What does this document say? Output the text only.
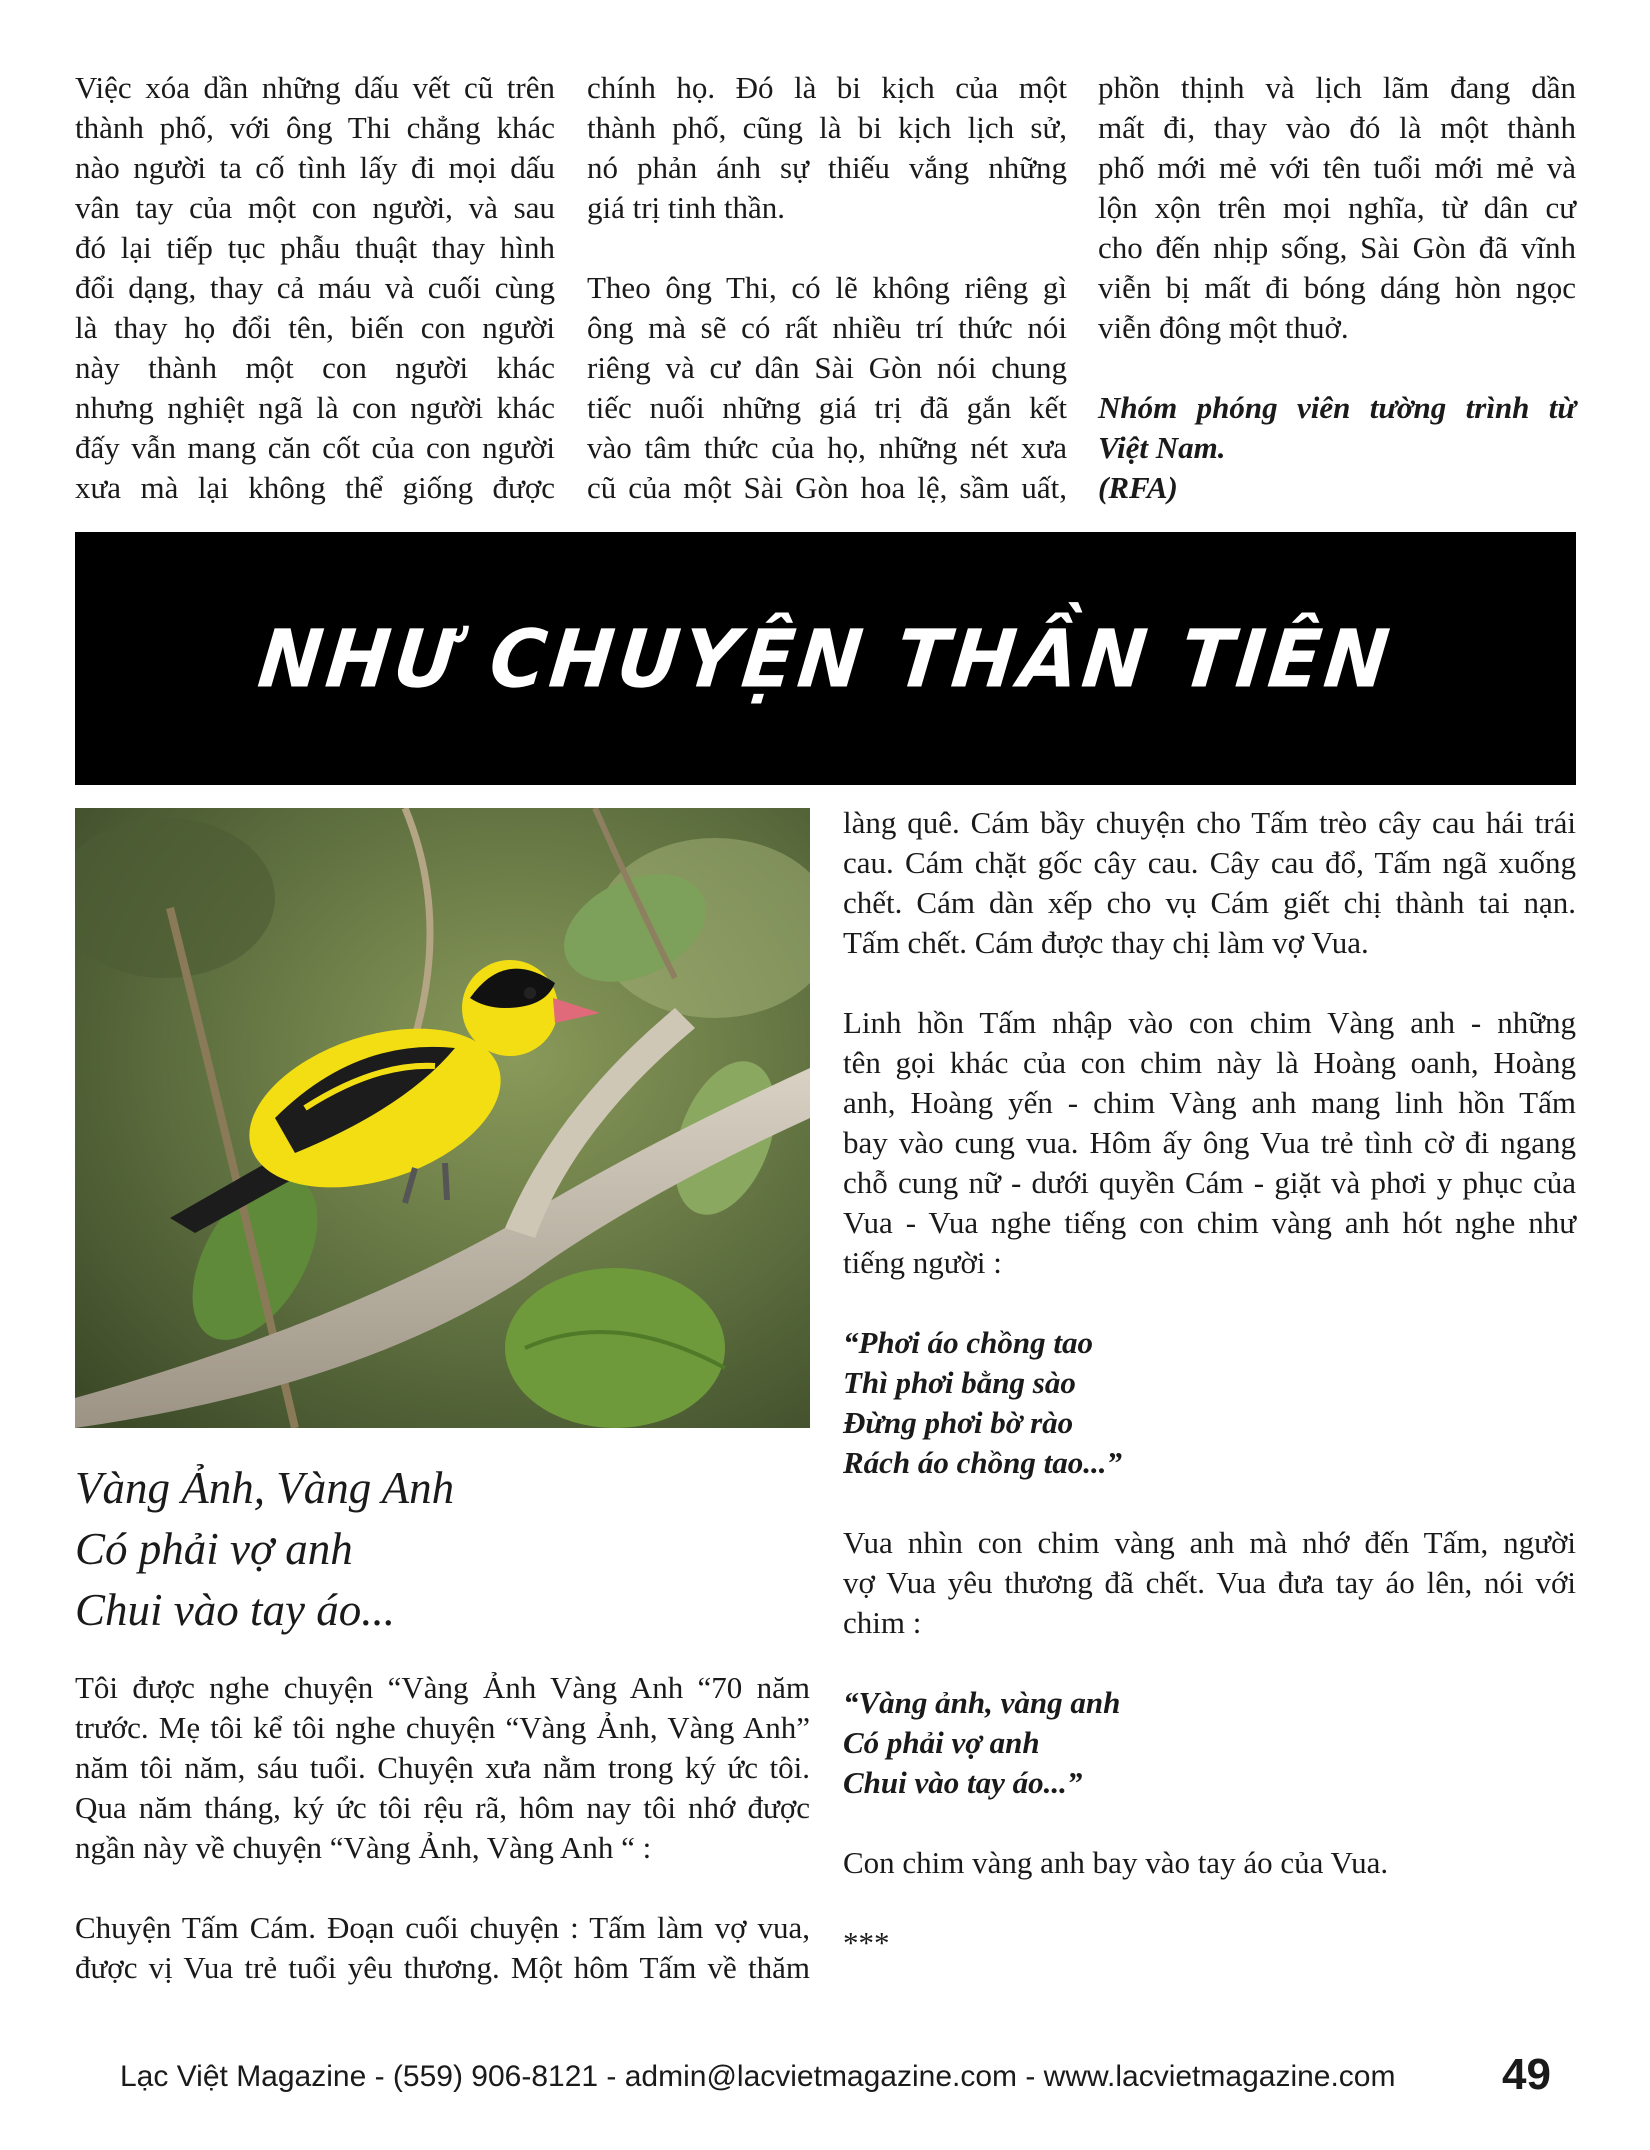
Việc xóa dần những dấu vết cũ trên
thành phố, với ông Thi chẳng khác
nào người ta cố tình lấy đi mọi dấu
vân tay của một con người, và sau
đó lại tiếp tục phẫu thuật thay hình
đổi dạng, thay cả máu và cuối cùng
là thay họ đổi tên, biến con người
này thành một con người khác
nhưng nghiệt ngã là con người khác
đấy vẫn mang căn cốt của con người
xưa mà lại không thể giống được

chính họ. Đó là bi kịch của một
thành phố, cũng là bi kịch lịch sử,
nó phản ánh sự thiếu vắng những
giá trị tinh thần.

Theo ông Thi, có lẽ không riêng gì
ông mà sẽ có rất nhiều trí thức nói
riêng và cư dân Sài Gòn nói chung
tiếc nuối những giá trị đã gắn kết
vào tâm thức của họ, những nét xưa
cũ của một Sài Gòn hoa lệ, sầm uất,

phồn thịnh và lịch lãm đang dần
mất đi, thay vào đó là một thành
phố mới mẻ với tên tuổi mới mẻ và
lộn xộn trên mọi nghĩa, từ dân cư
cho đến nhịp sống, Sài Gòn đã vĩnh
viễn bị mất đi bóng dáng hòn ngọc
viễn đông một thuở.

Nhóm phóng viên tường trình từ
Việt Nam.
(RFA)

NHƯ CHUYỆN THẦN TIÊN
Vàng Ảnh, Vàng Anh
Có phải vợ anh
Chui vào tay áo...

Tôi được nghe chuyện “Vàng Ảnh Vàng Anh “70 năm
trước. Mẹ tôi kể tôi nghe chuyện “Vàng Ảnh, Vàng Anh”
năm tôi năm, sáu tuổi. Chuyện xưa nằm trong ký ức tôi.
Qua năm tháng, ký ức tôi rệu rã, hôm nay tôi nhớ được
ngần này về chuyện “Vàng Ảnh, Vàng Anh “ :

Chuyện Tấm Cám. Đoạn cuối chuyện : Tấm làm vợ vua,
được vị Vua trẻ tuổi yêu thương. Một hôm Tấm về thăm

làng quê. Cám bầy chuyện cho Tấm trèo cây cau hái trái
cau. Cám chặt gốc cây cau. Cây cau đổ, Tấm ngã xuống
chết. Cám dàn xếp cho vụ Cám giết chị thành tai nạn.
Tấm chết. Cám được thay chị làm vợ Vua.

Linh hồn Tấm nhập vào con chim Vàng anh - những
tên gọi khác của con chim này là Hoàng oanh, Hoàng
anh, Hoàng yến - chim Vàng anh mang linh hồn Tấm
bay vào cung vua. Hôm ấy ông Vua trẻ tình cờ đi ngang
chỗ cung nữ - dưới quyền Cám - giặt và phơi y phục của
Vua - Vua nghe tiếng con chim vàng anh hót nghe như
tiếng người :

“Phơi áo chồng tao
Thì phơi bằng sào
Đừng phơi bờ rào
Rách áo chồng tao...”

Vua nhìn con chim vàng anh mà nhớ đến Tấm, người
vợ Vua yêu thương đã chết. Vua đưa tay áo lên, nói với
chim :

“Vàng ảnh, vàng anh
Có phải vợ anh
Chui vào tay áo...”

Con chim vàng anh bay vào tay áo của Vua.

***

Lạc Việt Magazine - (559) 906-8121 - admin@lacvietmagazine.com - www.lacvietmagazine.com 49
